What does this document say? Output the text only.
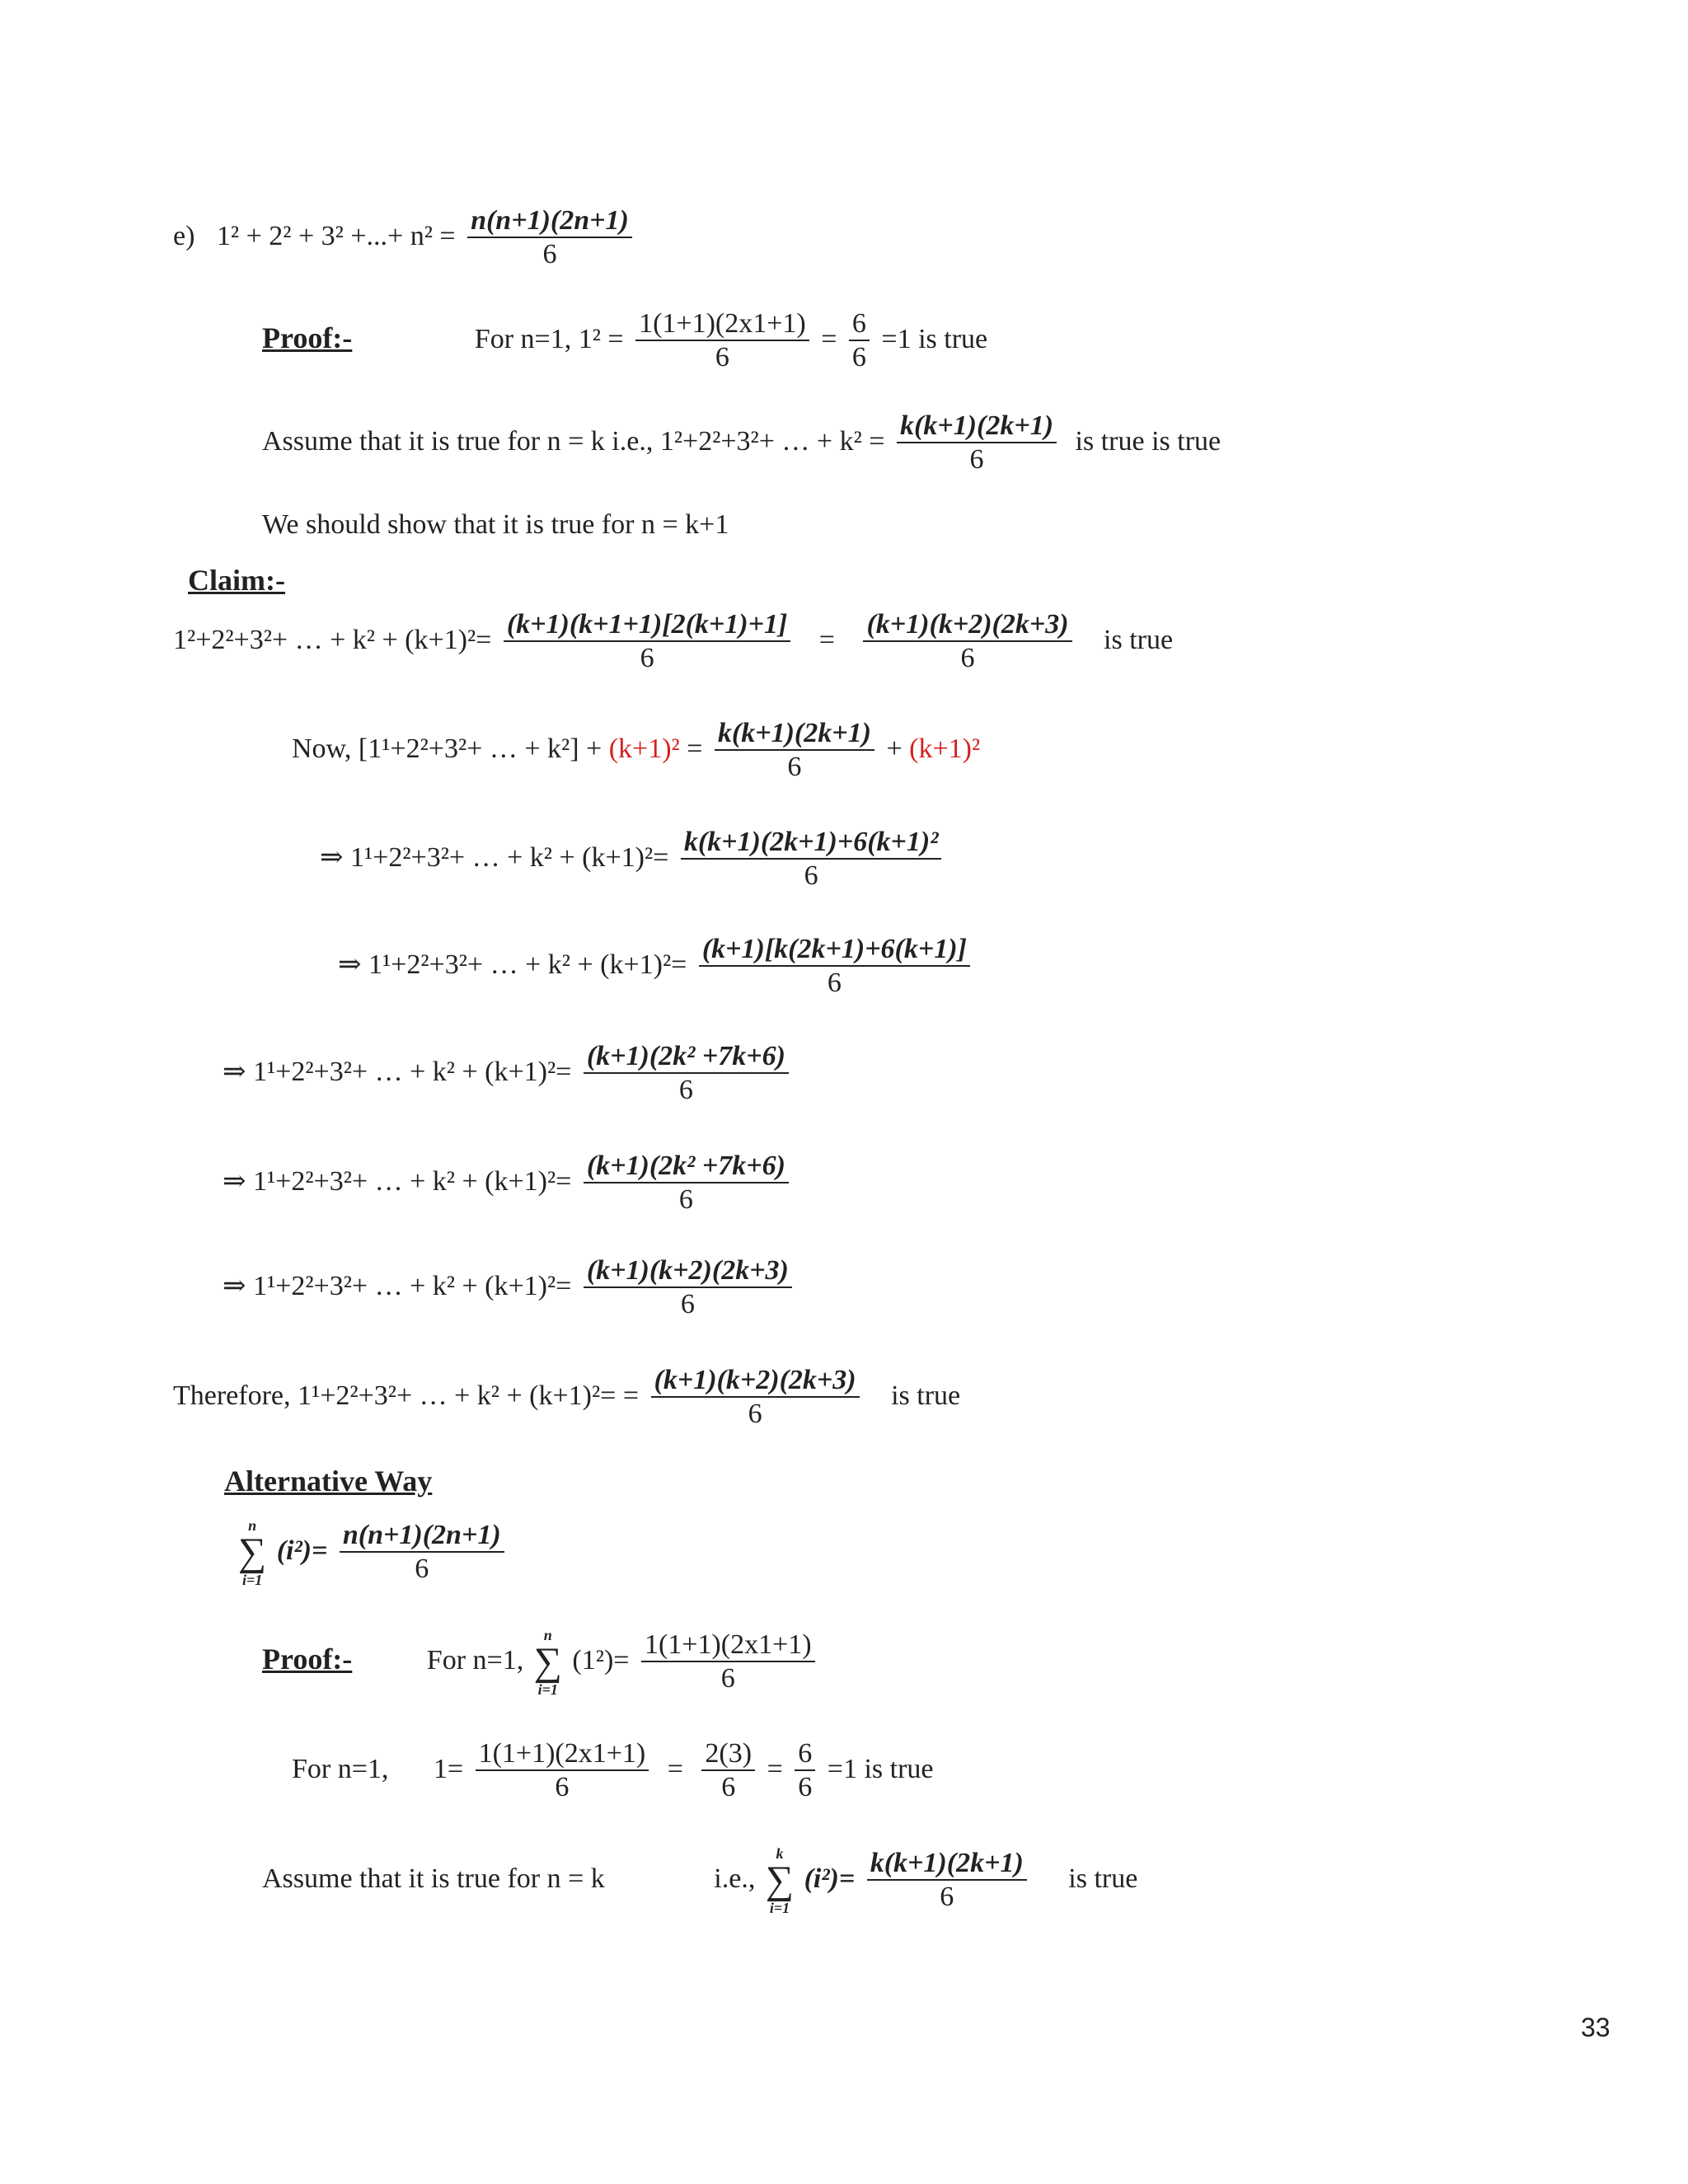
e) 1² + 2² + 3² +...+ $n^2 = \frac{n(n+1)(2n+1)}{6}$
Proof:-	For n=1, $1^2 = \frac{1(1+1)(2x1+1)}{6} = \frac{6}{6} =1$ is true
Assume that it is true for n = k i.e., 1²+2²+3²+ … + $k^2 = \frac{k(k+1)(2k+1)}{6}$ is true is true
We should show that it is true for n = k+1
Claim:-
1²+2²+3²+ … + $k^2 + (k+1)^2= \frac{(k+1)(k+1+1)[2(k+1)+1]}{6} = \frac{(k+1)(k+2)(2k+3)}{6}$ is true
Now, [1¹+2²+3²+ … + $k^2] + (k+1)^2 = \frac{k(k+1)(2k+1)}{6} + (k+1)^2$
⇒ 1¹+2²+3²+ … + $k^2 + (k+1)^2= \frac{\text{k(k+1)(2k+1)+6(k+1)²}}{6}$
⇒ 1¹+2²+3²+ … + $k^2 + (k+1)^2= \frac{(k+1)[k(2k+1)+6(k+1)]}{6}$
⇒ 1¹+2²+3²+ … + $k^2 + (k+1)^2= \frac{\text{(k+1)(2k² +7k+6)}}{6}$
⇒ 1¹+2²+3²+ … + $k^2 + (k+1)^2= \frac{\text{(k+1)(2k² +7k+6)}}{6}$
⇒ 1¹+2²+3²+ … + $k^2 + (k+1)^2= \frac{(k+1)(k+2)(2k+3)}{6}$
Therefore, 1¹+2²+3²+ … + $k^2 + (k+1)^2= = \frac{(k+1)(k+2)(2k+3)}{6}$ is true
Alternative Way
n
∑
i=1
$(i^2)= \frac{n(n+1)(2n+1)}{6}$
Proof:-	For n=1,
n
∑
i=1
$(1^2)= \frac{1(1+1)(2x1+1)}{6}$
For n=1, $1= \frac{1(1+1)(2x1+1)}{6} = \frac{2(3)}{6} = \frac{6}{6} =1$ is true
Assume that it is true for n = k	i.e.,
k
∑
i=1
$(i^2)= \frac{k(k+1)(2k+1)}{6}$ is true
33
